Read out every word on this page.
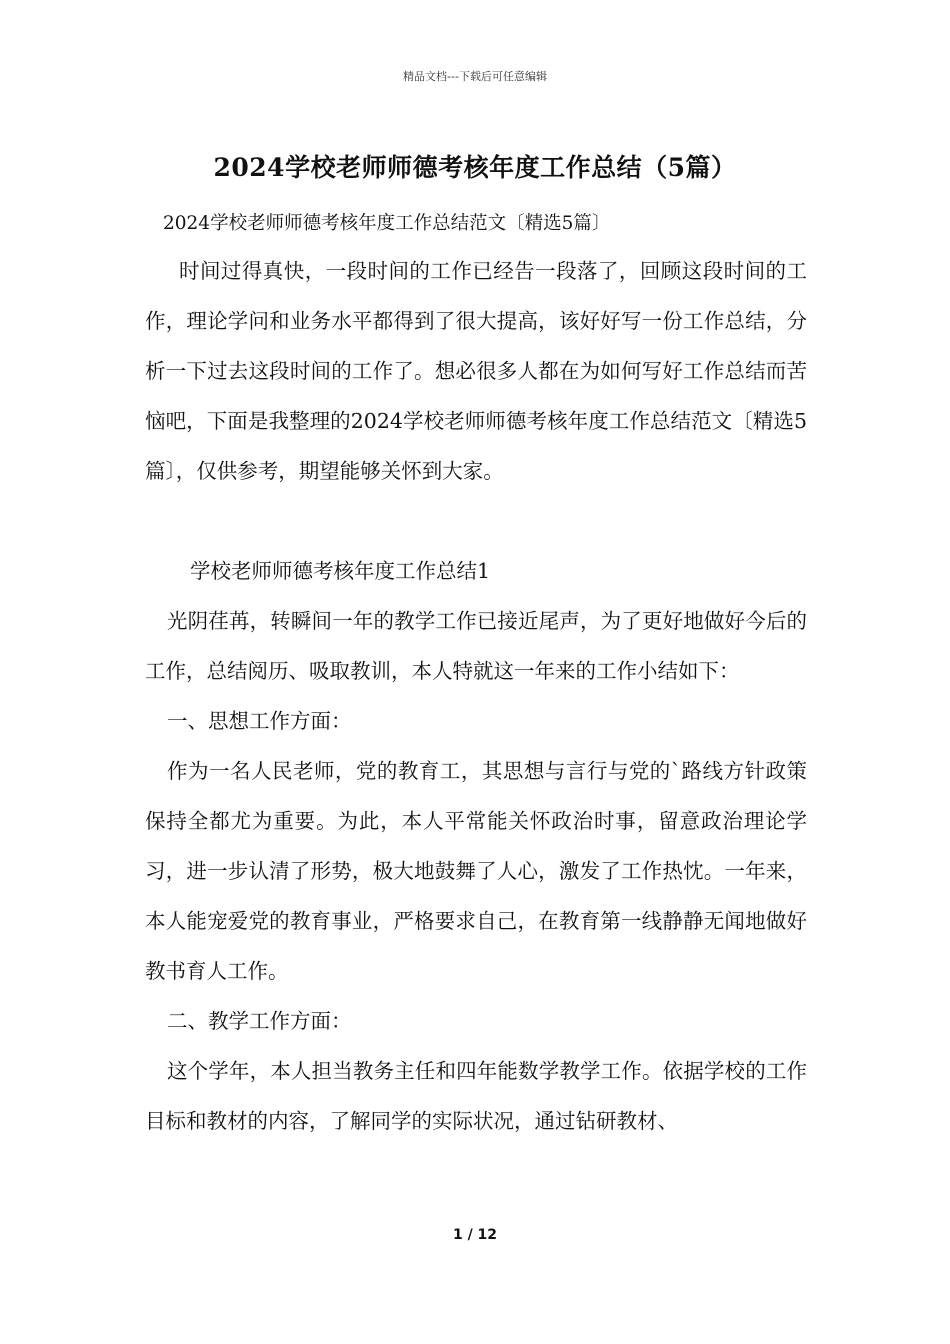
精品文档---下载后可任意编辑
2024学校老师师德考核年度工作总结（5篇）
2024学校老师师德考核年度工作总结范文〔精选5篇〕

时间过得真快，一段时间的工作已经告一段落了，回顾这段时间的工作，理论学问和业务水平都得到了很大提高，该好好写一份工作总结，分析一下过去这段时间的工作了。想必很多人都在为如何写好工作总结而苦恼吧，下面是我整理的2024学校老师师德考核年度工作总结范文〔精选5篇〕，仅供参考，期望能够关怀到大家。

学校老师师德考核年度工作总结1

光阴荏苒，转瞬间一年的教学工作已接近尾声，为了更好地做好今后的工作，总结阅历、吸取教训，本人特就这一年来的工作小结如下：

一、思想工作方面：

作为一名人民老师，党的教育工，其思想与言行与党的`路线方针政策保持全都尤为重要。为此，本人平常能关怀政治时事，留意政治理论学习，进一步认清了形势，极大地鼓舞了人心，激发了工作热忱。一年来，本人能宠爱党的教育事业，严格要求自己，在教育第一线静静无闻地做好教书育人工作。

二、教学工作方面：

这个学年，本人担当教务主任和四年能数学教学工作。依据学校的工作目标和教材的内容，了解同学的实际状况，通过钻研教材、

1 / 12
